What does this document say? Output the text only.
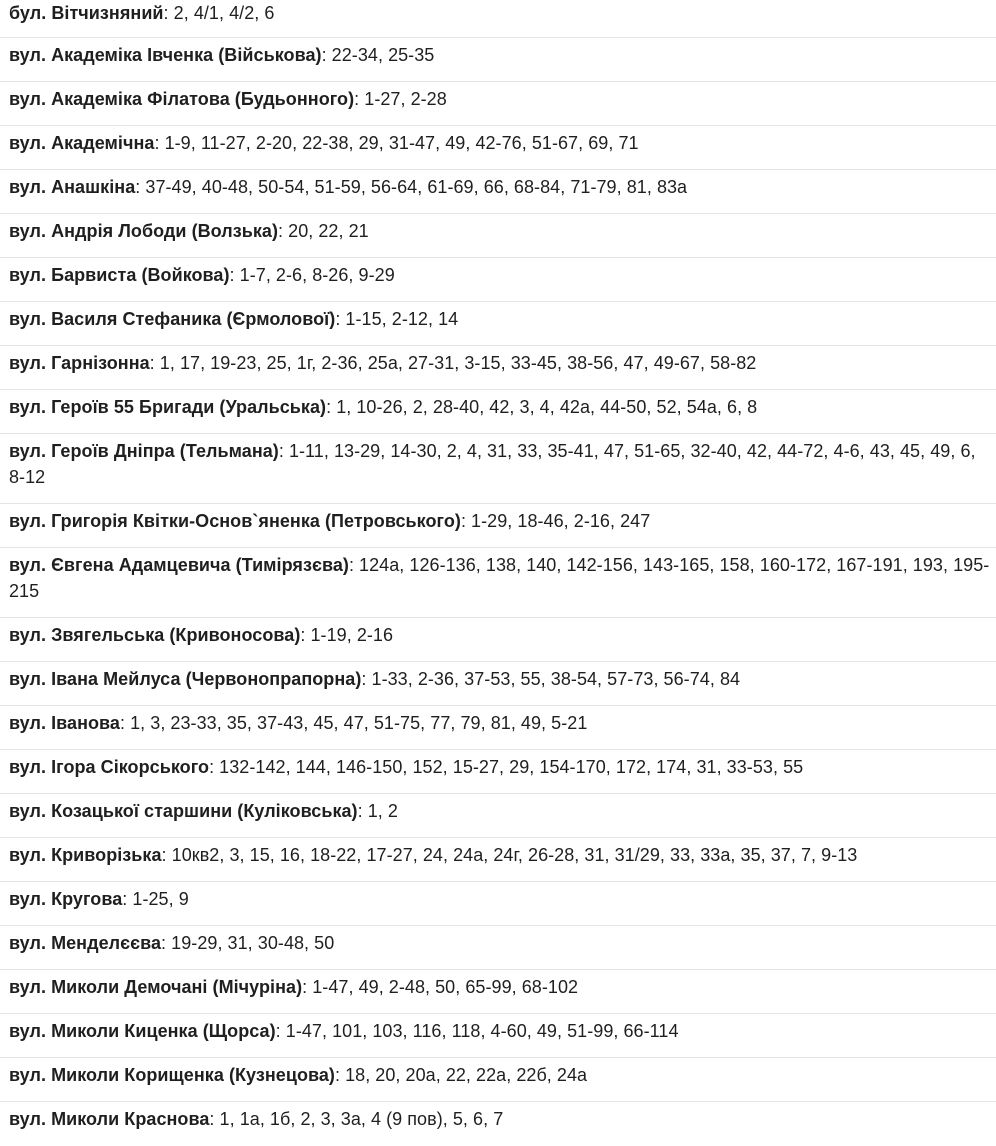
бул. Вітчизняний: 2, 4/1, 4/2, 6
вул. Академіка Івченка (Військова): 22-34, 25-35
вул. Академіка Філатова (Будьонного): 1-27, 2-28
вул. Академічна: 1-9, 11-27, 2-20, 22-38, 29, 31-47, 49, 42-76, 51-67, 69, 71
вул. Анашкіна: 37-49, 40-48, 50-54, 51-59, 56-64, 61-69, 66, 68-84, 71-79, 81, 83а
вул. Андрія Лободи (Волзька): 20, 22, 21
вул. Барвиста (Войкова): 1-7, 2-6, 8-26, 9-29
вул. Василя Стефаника (Єрмолової): 1-15, 2-12, 14
вул. Гарнізонна: 1, 17, 19-23, 25, 1г, 2-36, 25а, 27-31, 3-15, 33-45, 38-56, 47, 49-67, 58-82
вул. Героїв 55 Бригади (Уральська): 1, 10-26, 2, 28-40, 42, 3, 4, 42а, 44-50, 52, 54а, 6, 8
вул. Героїв Дніпра (Тельмана): 1-11, 13-29, 14-30, 2, 4, 31, 33, 35-41, 47, 51-65, 32-40, 42, 44-72, 4-6, 43, 45, 49, 6, 8-12
вул. Григорія Квітки-Основ`яненка (Петровського): 1-29, 18-46, 2-16, 247
вул. Євгена Адамцевича (Тимірязєва): 124а, 126-136, 138, 140, 142-156, 143-165, 158, 160-172, 167-191, 193, 195-215
вул. Звягельська (Кривоносова): 1-19, 2-16
вул. Івана Мейлуса (Червонопрапорна): 1-33, 2-36, 37-53, 55, 38-54, 57-73, 56-74, 84
вул. Іванова: 1, 3, 23-33, 35, 37-43, 45, 47, 51-75, 77, 79, 81, 49, 5-21
вул. Ігора Сікорського: 132-142, 144, 146-150, 152, 15-27, 29, 154-170, 172, 174, 31, 33-53, 55
вул. Козацької старшини (Куліковська): 1, 2
вул. Криворізька: 10кв2, 3, 15, 16, 18-22, 17-27, 24, 24а, 24г, 26-28, 31, 31/29, 33, 33а, 35, 37, 7, 9-13
вул. Кругова: 1-25, 9
вул. Менделєєва: 19-29, 31, 30-48, 50
вул. Миколи Демочані (Мічуріна): 1-47, 49, 2-48, 50, 65-99, 68-102
вул. Миколи Киценка (Щорса): 1-47, 101, 103, 116, 118, 4-60, 49, 51-99, 66-114
вул. Миколи Корищенка (Кузнецова): 18, 20, 20а, 22, 22а, 22б, 24а
вул. Миколи Краснова: 1, 1а, 1б, 2, 3, 3а, 4 (9 пов), 5, 6, 7
